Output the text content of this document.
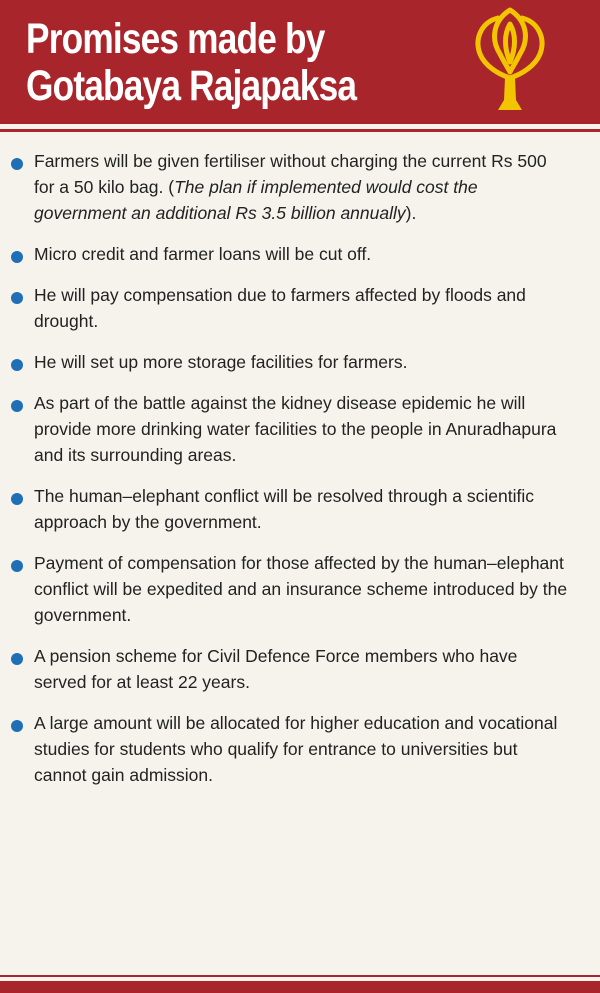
Promises made by
Gotabaya Rajapaksa
Farmers will be given fertiliser without charging the current Rs 500 for a 50 kilo bag. (The plan if implemented would cost the government an additional Rs 3.5 billion annually).
Micro credit and farmer loans will be cut off.
He will pay compensation due to farmers affected by floods and drought.
He will set up more storage facilities for farmers.
As part of the battle against the kidney disease epidemic he will provide more drinking water facilities to the people in Anuradhapura and its surrounding areas.
The human–elephant conflict will be resolved through a scientific approach by the government.
Payment of compensation for those affected by the human–elephant conflict will be expedited and an insurance scheme introduced by the government.
A pension scheme for Civil Defence Force members who have served for at least 22 years.
A large amount will be allocated for higher education and vocational studies for students who qualify for entrance to universities but cannot gain admission.
